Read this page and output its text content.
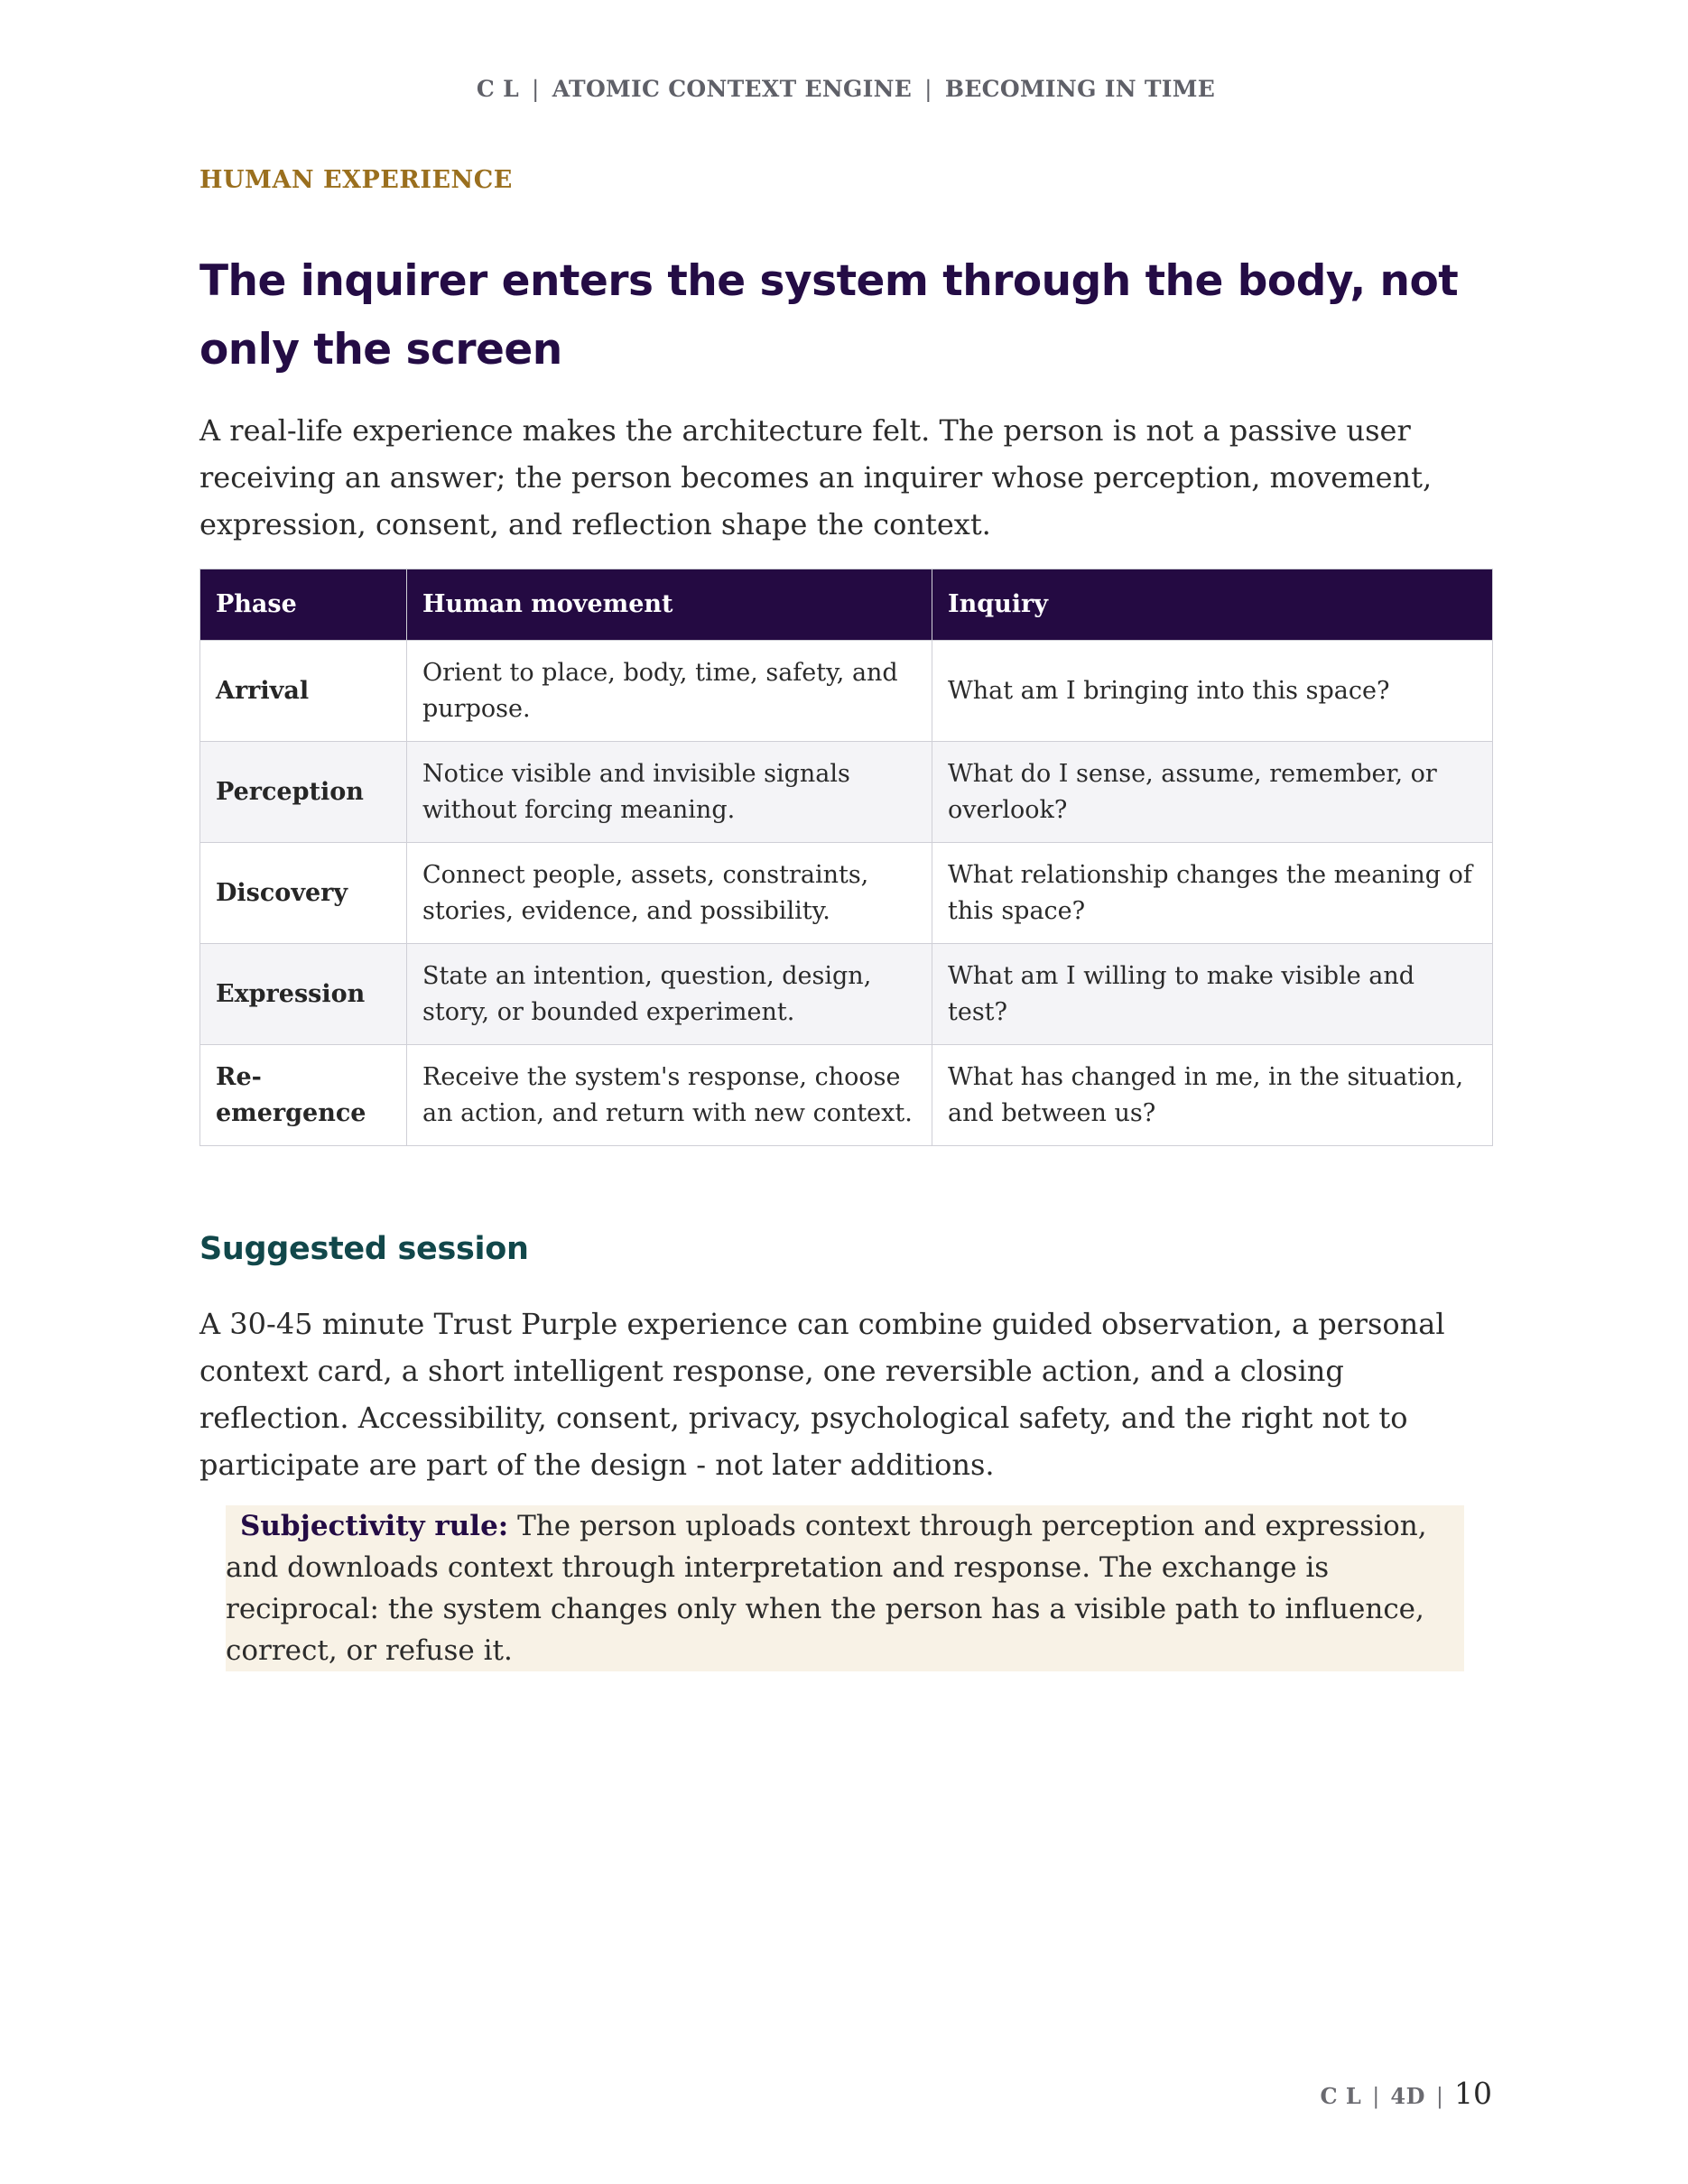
C L | ATOMIC CONTEXT ENGINE | BECOMING IN TIME
HUMAN EXPERIENCE
The inquirer enters the system through the body, not only the screen

A real-life experience makes the architecture felt. The person is not a passive user receiving an answer; the person becomes an inquirer whose perception, movement, expression, consent, and reflection shape the context.

Phase	Human movement	Inquiry
Arrival	Orient to place, body, time, safety, and purpose.	What am I bringing into this space?
Perception	Notice visible and invisible signals without forcing meaning.	What do I sense, assume, remember, or overlook?
Discovery	Connect people, assets, constraints, stories, evidence, and possibility.	What relationship changes the meaning of this space?
Expression	State an intention, question, design, story, or bounded experiment.	What am I willing to make visible and test?
Re-emergence	Receive the system's response, choose an action, and return with new context.	What has changed in me, in the situation, and between us?
Suggested session

A 30-45 minute Trust Purple experience can combine guided observation, a personal context card, a short intelligent response, one reversible action, and a closing reflection. Accessibility, consent, privacy, psychological safety, and the right not to participate are part of the design - not later additions.

Subjectivity rule: The person uploads context through perception and expression, and downloads context through interpretation and response. The exchange is reciprocal: the system changes only when the person has a visible path to influence, correct, or refuse it.
C L | 4D | 10
